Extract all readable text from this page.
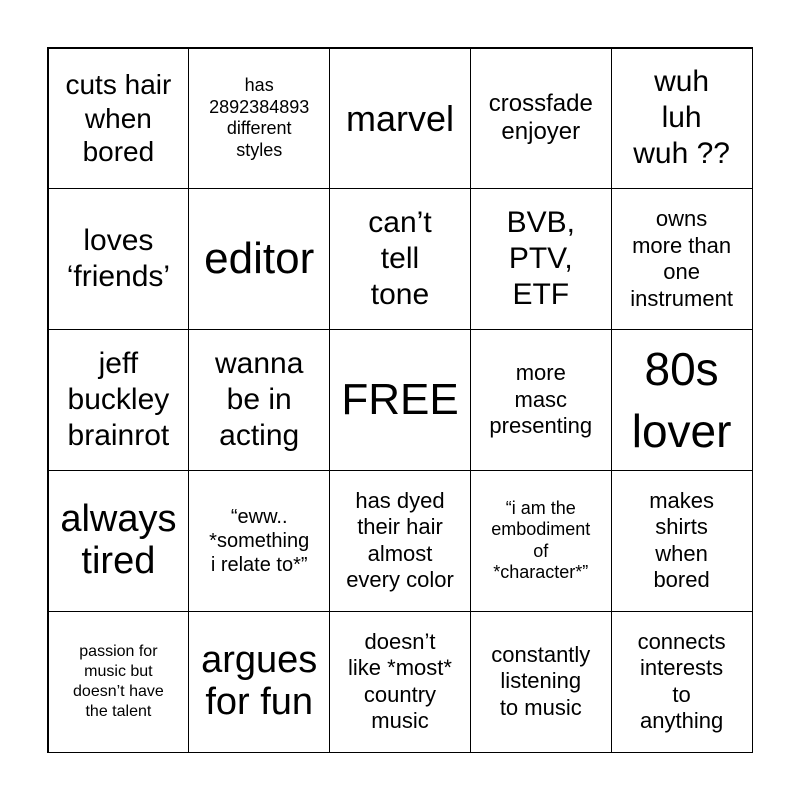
cuts hair
when
bored
has
2892384893
different
styles
marvel crossfade
enjoyer
wuh
luh
wuh ??
loves
‘friends’ editor
can’t
tell
tone
BVB,
PTV,
ETF
owns
more than
one
instrument
jeff
buckley
brainrot
wanna
be in
acting
FREE
more
masc
presenting
80s
lover
always
tired
“eww..
*something
i relate to*”
has dyed
their hair
almost
every color
“i am the
embodiment
of
*character*”
makes
shirts
when
bored
passion for
music but
doesn’t have
the talent
argues
for fun
doesn’t
like *most*
country
music
constantly
listening
to music
connects
interests
to
anything
